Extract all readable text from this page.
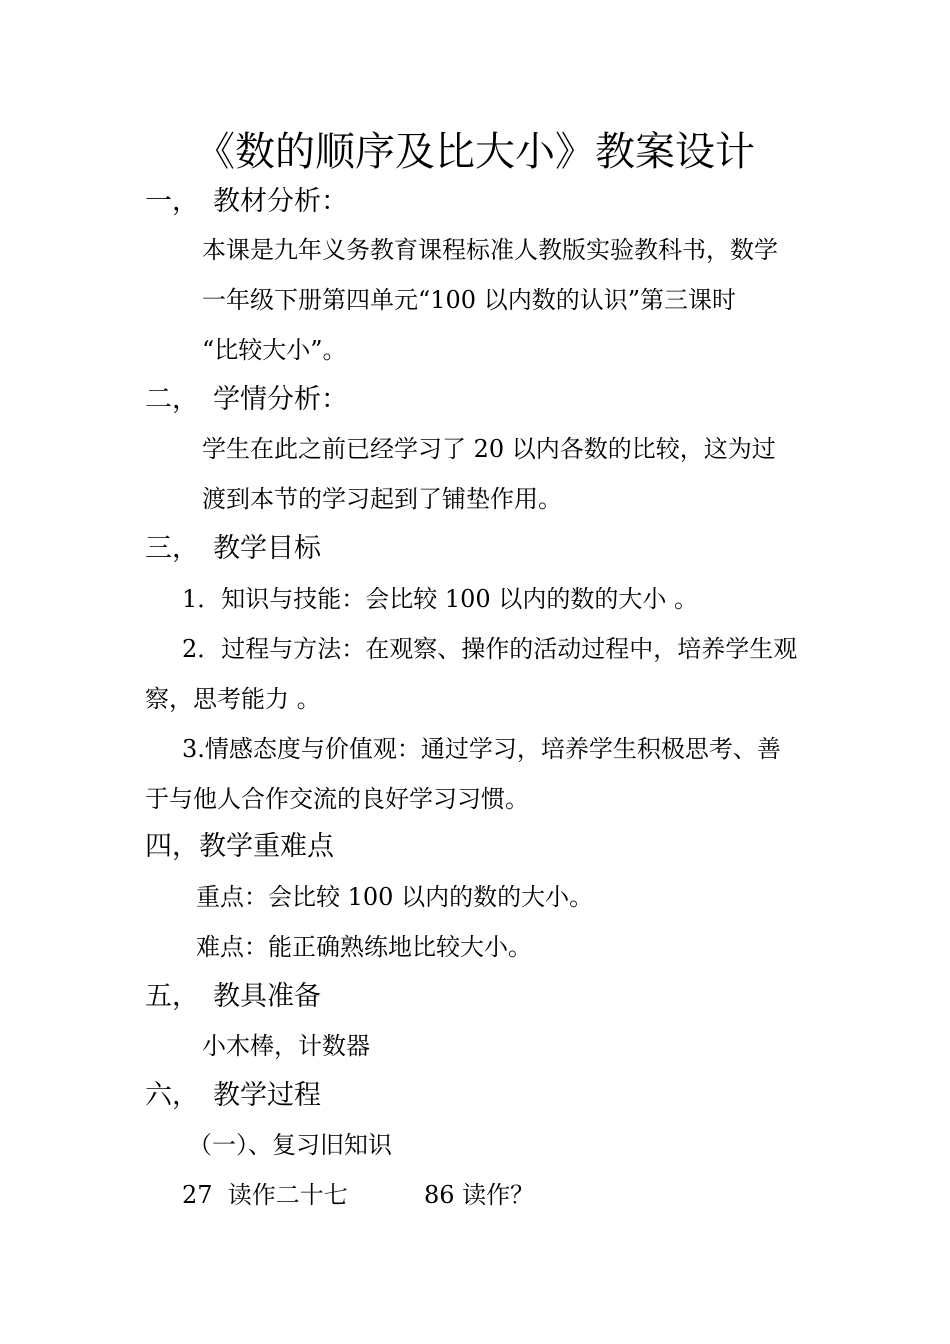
《数的顺序及比大小》教案设计
一， 教材分析：
本课是九年义务教育课程标准人教版实验教科书，数学
一年级下册第四单元“100 以内数的认识”第三课时
“比较大小”。
二， 学情分析：
学生在此之前已经学习了 20 以内各数的比较，这为过
渡到本节的学习起到了铺垫作用。
三， 教学目标
1．知识与技能：会比较 100 以内的数的大小 。
2．过程与方法：在观察、操作的活动过程中，培养学生观
察，思考能力 。
3.情感态度与价值观：通过学习，培养学生积极思考、善
于与他人合作交流的良好学习习惯。
四，教学重难点
重点：会比较 100 以内的数的大小。
难点：能正确熟练地比较大小。
五， 教具准备
小木棒，计数器
六， 教学过程
（一）、复习旧知识
27  读作二十七	86 读作？
